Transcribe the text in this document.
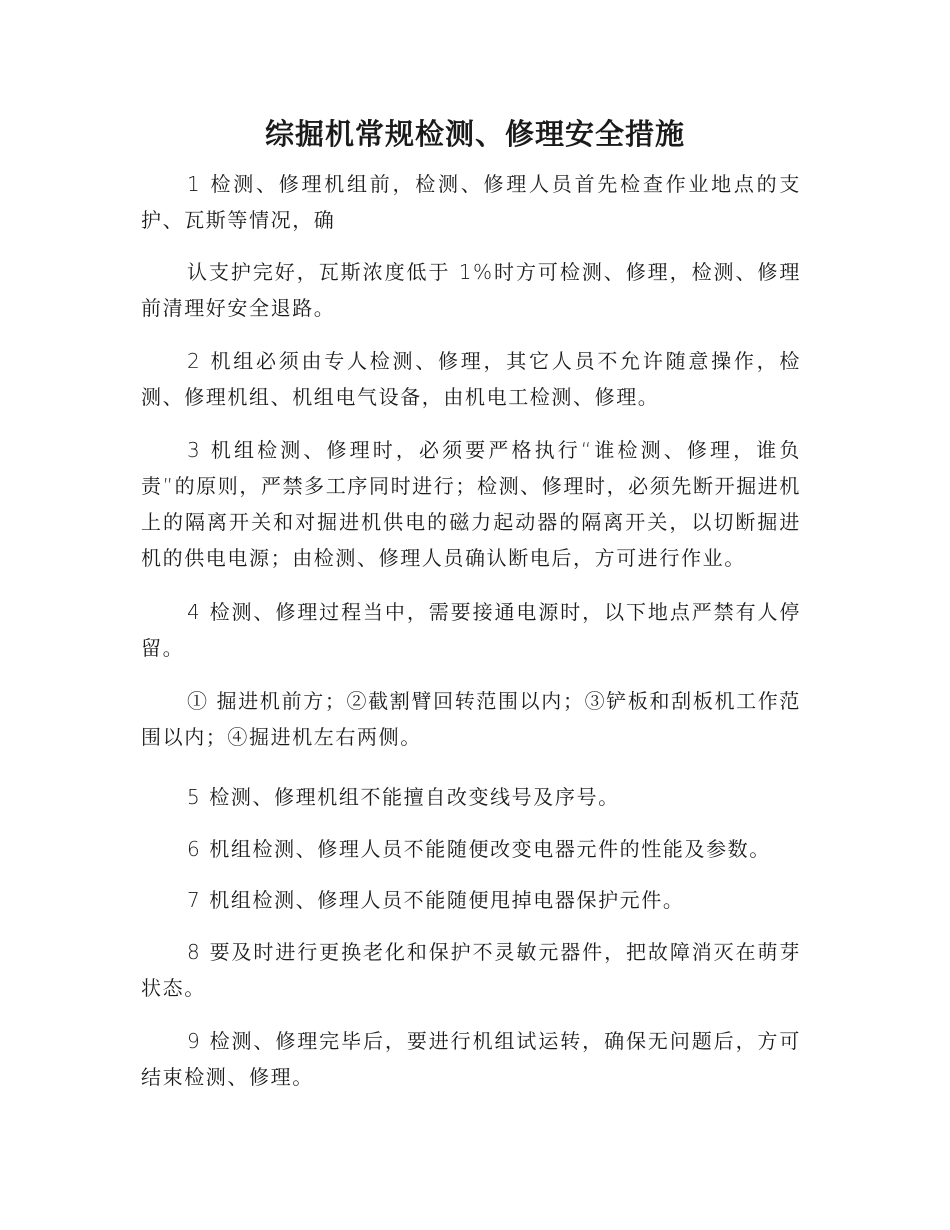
综掘机常规检测、修理安全措施

1 检测、修理机组前，检测、修理人员首先检查作业地点的支护、瓦斯等情况，确

认支护完好，瓦斯浓度低于 1%时方可检测、修理，检测、修理前清理好安全退路。

2 机组必须由专人检测、修理，其它人员不允许随意操作，检测、修理机组、机组电气设备，由机电工检测、修理。

3 机组检测、修理时，必须要严格执行“谁检测、修理，谁负责”的原则，严禁多工序同时进行；检测、修理时，必须先断开掘进机上的隔离开关和对掘进机供电的磁力起动器的隔离开关，以切断掘进机的供电电源；由检测、修理人员确认断电后，方可进行作业。

4 检测、修理过程当中，需要接通电源时，以下地点严禁有人停留。

① 掘进机前方；②截割臂回转范围以内；③铲板和刮板机工作范围以内；④掘进机左右两侧。

5 检测、修理机组不能擅自改变线号及序号。

6 机组检测、修理人员不能随便改变电器元件的性能及参数。

7 机组检测、修理人员不能随便甩掉电器保护元件。

8 要及时进行更换老化和保护不灵敏元器件，把故障消灭在萌芽状态。

9 检测、修理完毕后，要进行机组试运转，确保无问题后，方可结束检测、修理。
